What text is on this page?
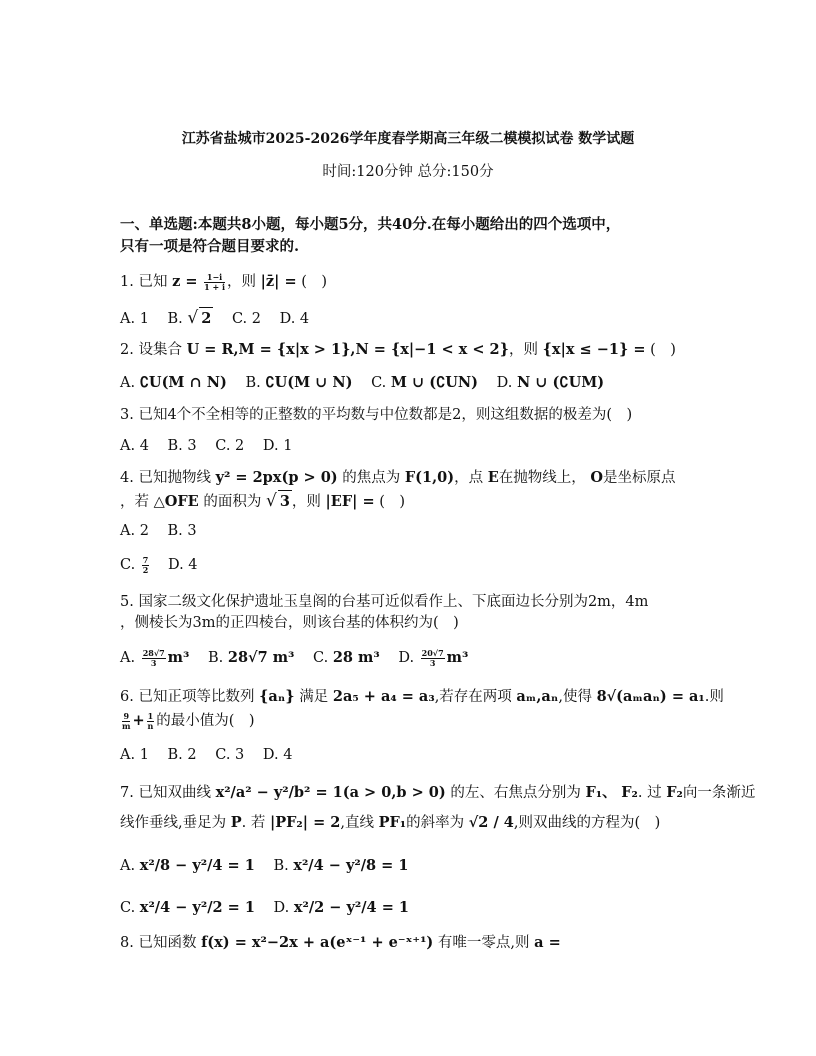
江苏省盐城市2025-2026学年度春学期高三年级二模模拟试卷 数学试题
时间:120分钟 总分:150分
一、单选题:本题共8小题，每小题5分，共40分.在每小题给出的四个选项中，
只有一项是符合题目要求的.
1. 已知 $z = \frac{1-i}{1 + i}$ ，则 |z̄| = (　)
A. 1 B. √ 2 C. 2 D. 4
2. 设集合 U = R,M = {x|x > 1},N = {x|−1 < x < 2}，则 {x|x ≤ −1} = (　)
A. ∁U(M ∩ N) B. ∁U(M ∪ N) C. M ∪ (∁UN) D. N ∪ (∁UM)
3. 已知4个不全相等的正整数的平均数与中位数都是2，则这组数据的极差为(　)
A. 4 B. 3 C. 2 D. 1
4. 已知抛物线 y² = 2px(p > 0) 的焦点为 F(1,0)，点 E在抛物线上， O是坐标原点
，若 △OFE 的面积为 √ 3 ，则 |EF| = (　)
A. 2 B. 3
C. $\frac{7}{2} D$. 4
5. 国家二级文化保护遗址玉皇阁的台基可近似看作上、下底面边长分别为2m，4m
，侧棱长为3m的正四棱台，则该台基的体积约为(　)
A. $\frac{28√7}{3} m^3$ B. 28√7 m³ C. 28 m³ D. $\frac{20√7}{3} m^3$
6. 已知正项等比数列 {aₙ} 满足 2a₅ + a₄ = a₃,若存在两项 aₘ,aₙ,使得 8√(aₘaₙ) = a₁.则
$\frac{9}{m} + \frac{1}{n}$ 的最小值为(　)
A. 1 B. 2 C. 3 D. 4
7. 已知双曲线 x²/a² − y²/b² = 1(a > 0,b > 0) 的左、右焦点分别为 F₁、 F₂. 过 F₂向一条渐近
线作垂线,垂足为 P. 若 |PF₂| = 2,直线 PF₁的斜率为 √2 / 4,则双曲线的方程为(　)
A. x²/8 − y²/4 = 1 B. x²/4 − y²/8 = 1
C. x²/4 − y²/2 = 1 D. x²/2 − y²/4 = 1
8. 已知函数 f(x) = x²−2x + a(eˣ⁻¹ + e⁻ˣ⁺¹) 有唯一零点,则 a =
